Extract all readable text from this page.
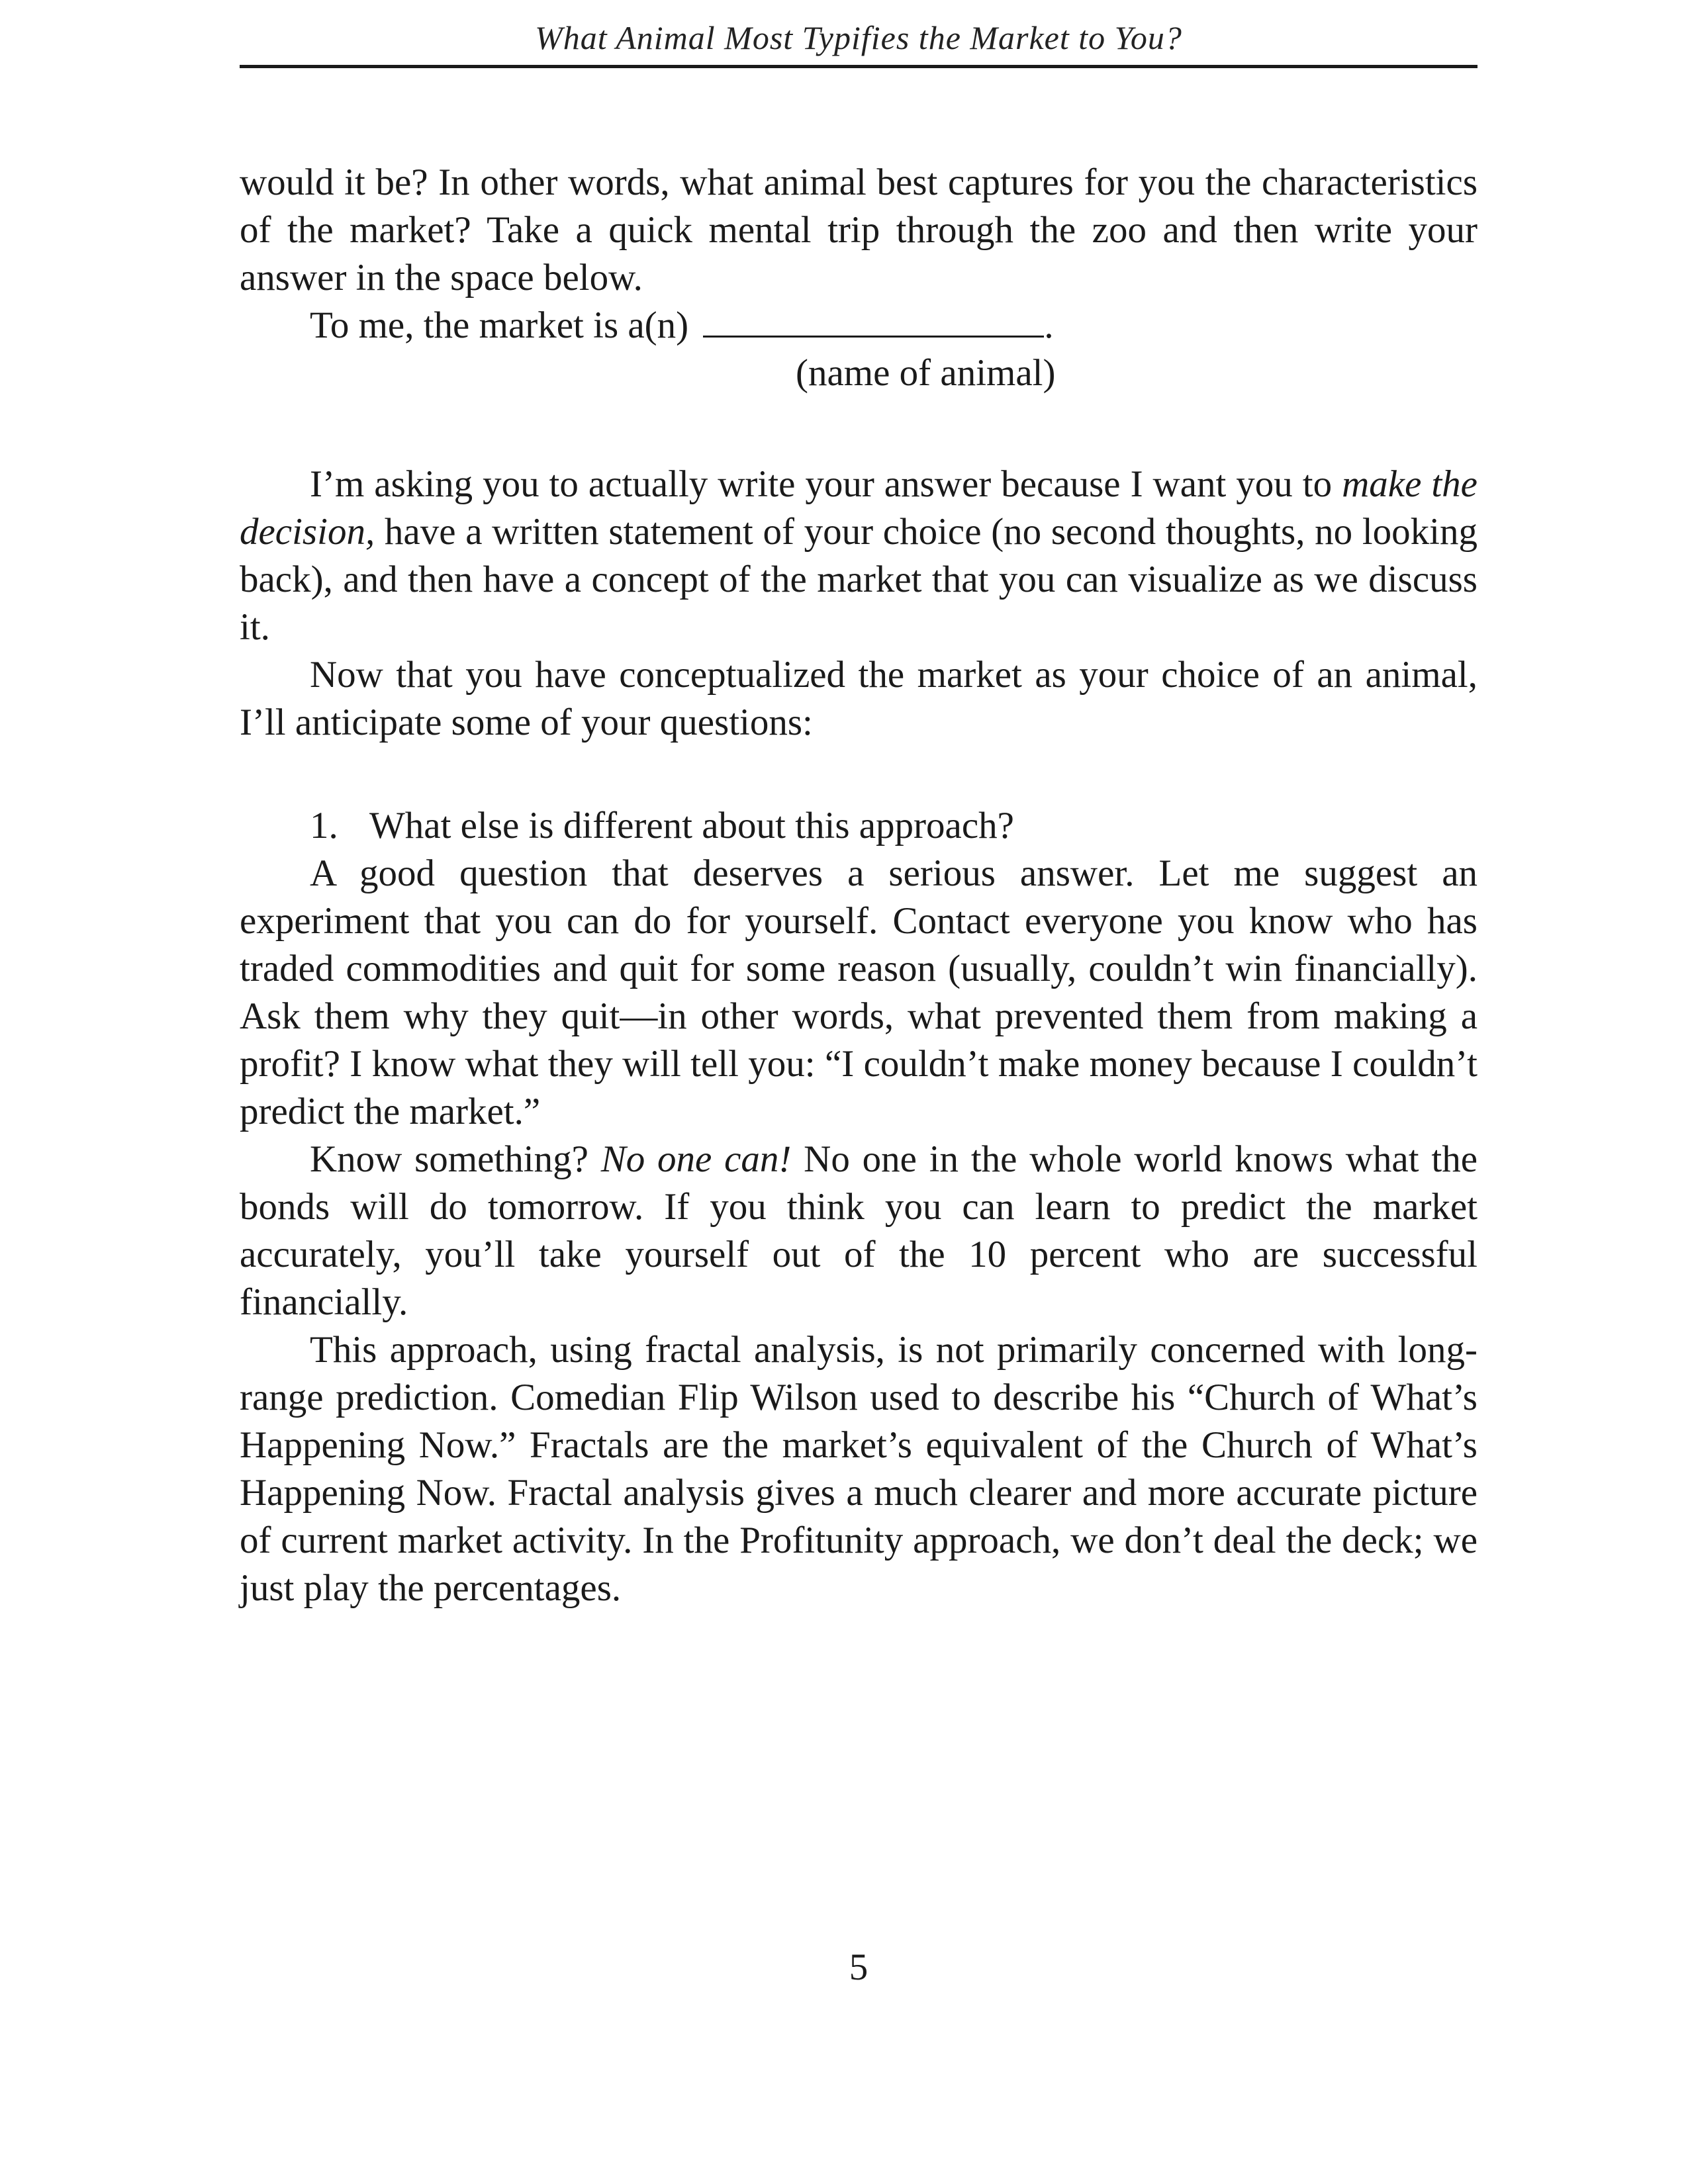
What Animal Most Typifies the Market to You?

would it be? In other words, what animal best captures for you the characteristics of the market? Take a quick mental trip through the zoo and then write your answer in the space below.

To me, the market is a(n)	.

(name of animal)

I’m asking you to actually write your answer because I want you to make the decision, have a written statement of your choice (no second thoughts, no looking back), and then have a concept of the market that you can visualize as we discuss it.

Now that you have conceptualized the market as your choice of an animal, I’ll anticipate some of your questions:

1. What else is different about this approach?

A good question that deserves a serious answer. Let me suggest an experiment that you can do for yourself. Contact everyone you know who has traded commodities and quit for some reason (usually, couldn’t win financially). Ask them why they quit—in other words, what prevented them from making a profit? I know what they will tell you: “I couldn’t make money because I couldn’t predict the market.”

Know something? No one can! No one in the whole world knows what the bonds will do tomorrow. If you think you can learn to predict the market accurately, you’ll take yourself out of the 10 percent who are successful financially.

This approach, using fractal analysis, is not primarily concerned with long-range prediction. Comedian Flip Wilson used to describe his “Church of What’s Happening Now.” Fractals are the market’s equivalent of the Church of What’s Happening Now. Fractal analysis gives a much clearer and more accurate picture of current market activity. In the Profitunity approach, we don’t deal the deck; we just play the percentages.

5
